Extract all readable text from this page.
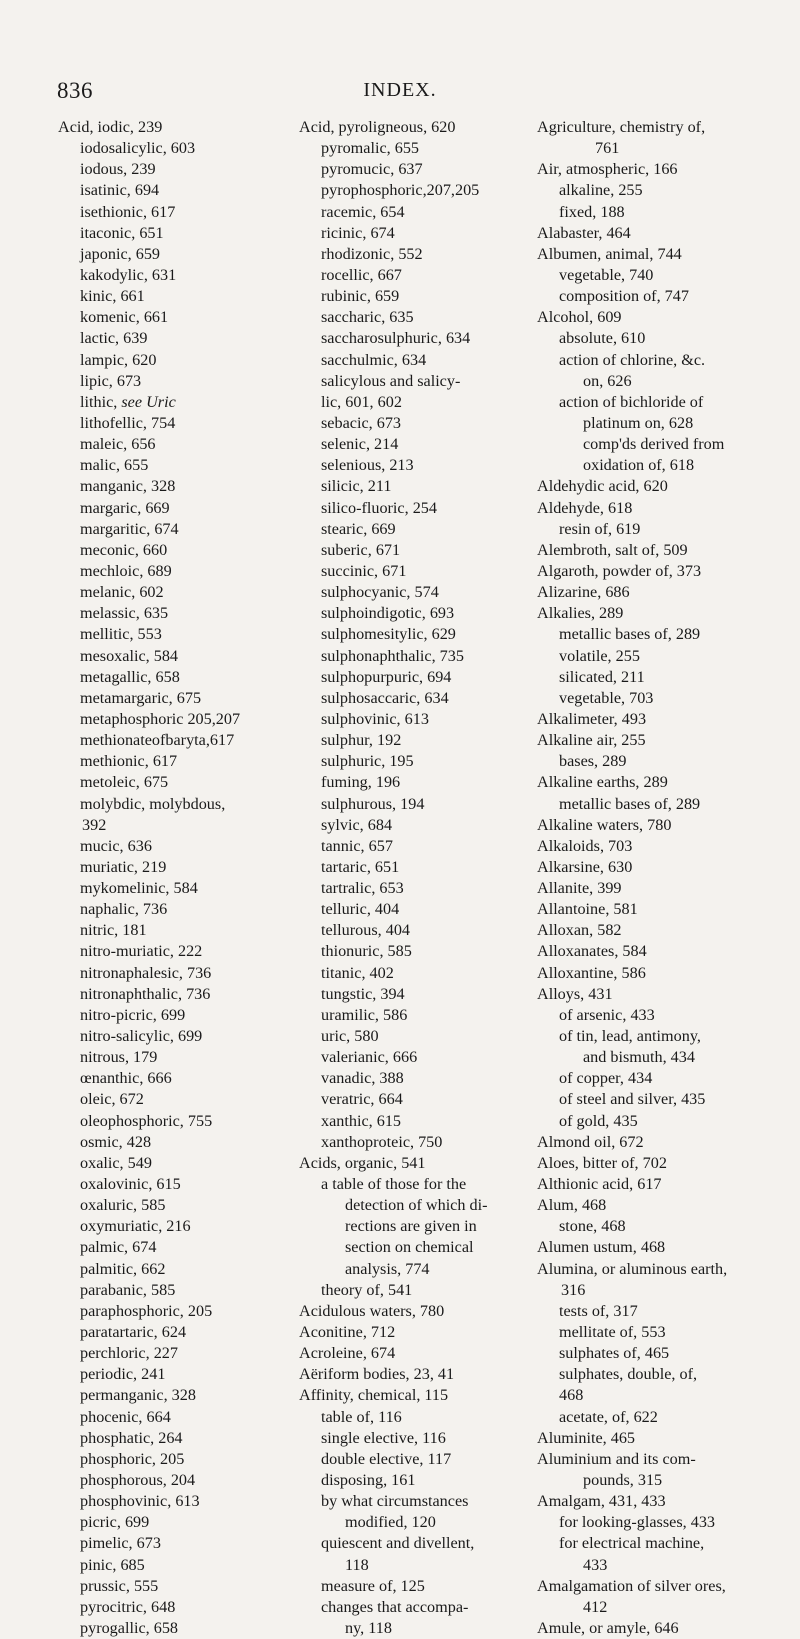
836	INDEX.
Acid, iodic, 239
iodosalicylic, 603
iodous, 239
isatinic, 694
isethionic, 617
itaconic, 651
japonic, 659
kakodylic, 631
kinic, 661
komenic, 661
lactic, 639
lampic, 620
lipic, 673
lithic, see Uric
lithofellic, 754
maleic, 656
malic, 655
manganic, 328
margaric, 669
margaritic, 674
meconic, 660
mechloic, 689
melanic, 602
melassic, 635
mellitic, 553
mesoxalic, 584
metagallic, 658
metamargaric, 675
metaphosphoric 205,207
methionateofbaryta,617
methionic, 617
metoleic, 675
molybdic, molybdous,
392
mucic, 636
muriatic, 219
mykomelinic, 584
naphalic, 736
nitric, 181
nitro-muriatic, 222
nitronaphalesic, 736
nitronaphthalic, 736
nitro-picric, 699
nitro-salicylic, 699
nitrous, 179
œnanthic, 666
oleic, 672
oleophosphoric, 755
osmic, 428
oxalic, 549
oxalovinic, 615
oxaluric, 585
oxymuriatic, 216
palmic, 674
palmitic, 662
parabanic, 585
paraphosphoric, 205
paratartaric, 624
perchloric, 227
periodic, 241
permanganic, 328
phocenic, 664
phosphatic, 264
phosphoric, 205
phosphorous, 204
phosphovinic, 613
picric, 699
pimelic, 673
pinic, 685
prussic, 555
pyrocitric, 648
pyrogallic, 658
Acid, pyroligneous, 620
pyromalic, 655
pyromucic, 637
pyrophosphoric,207,205
racemic, 654
ricinic, 674
rhodizonic, 552
rocellic, 667
rubinic, 659
saccharic, 635
saccharosulphuric, 634
sacchulmic, 634
salicylous and salicy-
lic, 601, 602
sebacic, 673
selenic, 214
selenious, 213
silicic, 211
silico-fluoric, 254
stearic, 669
suberic, 671
succinic, 671
sulphocyanic, 574
sulphoindigotic, 693
sulphomesitylic, 629
sulphonaphthalic, 735
sulphopurpuric, 694
sulphosaccaric, 634
sulphovinic, 613
sulphur, 192
sulphuric, 195
fuming, 196
sulphurous, 194
sylvic, 684
tannic, 657
tartaric, 651
tartralic, 653
telluric, 404
tellurous, 404
thionuric, 585
titanic, 402
tungstic, 394
uramilic, 586
uric, 580
valerianic, 666
vanadic, 388
veratric, 664
xanthic, 615
xanthoproteic, 750
Acids, organic, 541
a table of those for the
detection of which di-
rections are given in
section on chemical
analysis, 774
theory of, 541
Acidulous waters, 780
Aconitine, 712
Acroleine, 674
Aëriform bodies, 23, 41
Affinity, chemical, 115
table of, 116
single elective, 116
double elective, 117
disposing, 161
by what circumstances
modified, 120
quiescent and divellent,
118
measure of, 125
changes that accompa-
ny, 118
Agriculture, chemistry of,
761
Air, atmospheric, 166
alkaline, 255
fixed, 188
Alabaster, 464
Albumen, animal, 744
vegetable, 740
composition of, 747
Alcohol, 609
absolute, 610
action of chlorine, &c.
on, 626
action of bichloride of
platinum on, 628
comp'ds derived from
oxidation of, 618
Aldehydic acid, 620
Aldehyde, 618
resin of, 619
Alembroth, salt of, 509
Algaroth, powder of, 373
Alizarine, 686
Alkalies, 289
metallic bases of, 289
volatile, 255
silicated, 211
vegetable, 703
Alkalimeter, 493
Alkaline air, 255
bases, 289
Alkaline earths, 289
metallic bases of, 289
Alkaline waters, 780
Alkaloids, 703
Alkarsine, 630
Allanite, 399
Allantoine, 581
Alloxan, 582
Alloxanates, 584
Alloxantine, 586
Alloys, 431
of arsenic, 433
of tin, lead, antimony,
and bismuth, 434
of copper, 434
of steel and silver, 435
of gold, 435
Almond oil, 672
Aloes, bitter of, 702
Althionic acid, 617
Alum, 468
stone, 468
Alumen ustum, 468
Alumina, or aluminous earth,
316
tests of, 317
mellitate of, 553
sulphates of, 465
sulphates, double, of,
468
acetate, of, 622
Aluminite, 465
Aluminium and its com-
pounds, 315
Amalgam, 431, 433
for looking-glasses, 433
for electrical machine,
433
Amalgamation of silver ores,
412
Amule, or amyle, 646
